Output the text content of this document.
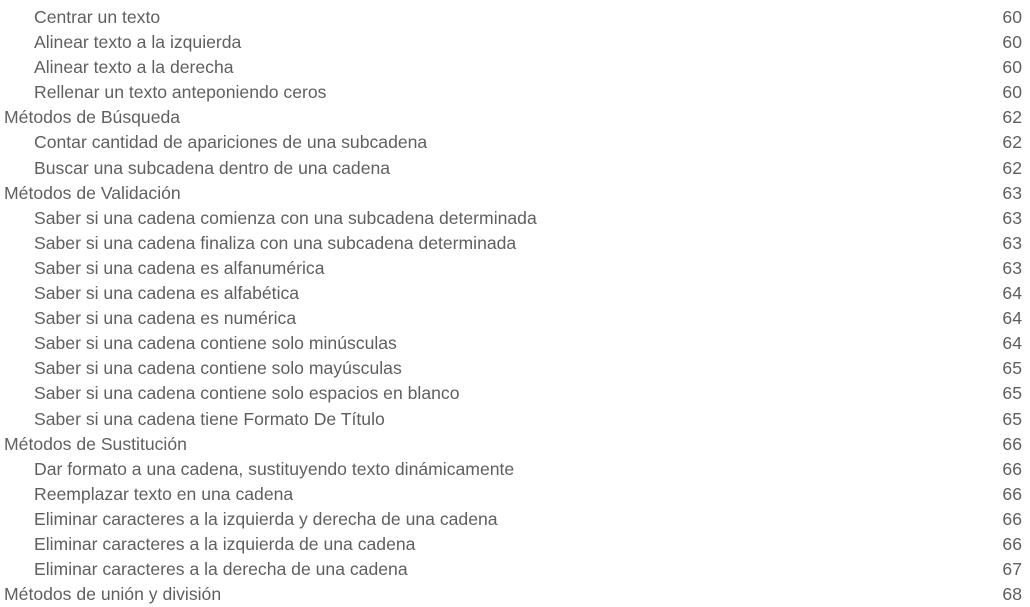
Centrar un texto	60
Alinear texto a la izquierda	60
Alinear texto a la derecha	60
Rellenar un texto anteponiendo ceros	60
Métodos de Búsqueda	62
Contar cantidad de apariciones de una subcadena	62
Buscar una subcadena dentro de una cadena	62
Métodos de Validación	63
Saber si una cadena comienza con una subcadena determinada	63
Saber si una cadena finaliza con una subcadena determinada	63
Saber si una cadena es alfanumérica	63
Saber si una cadena es alfabética	64
Saber si una cadena es numérica	64
Saber si una cadena contiene solo minúsculas	64
Saber si una cadena contiene solo mayúsculas	65
Saber si una cadena contiene solo espacios en blanco	65
Saber si una cadena tiene Formato De Título	65
Métodos de Sustitución	66
Dar formato a una cadena, sustituyendo texto dinámicamente	66
Reemplazar texto en una cadena	66
Eliminar caracteres a la izquierda y derecha de una cadena	66
Eliminar caracteres a la izquierda de una cadena	66
Eliminar caracteres a la derecha de una cadena	67
Métodos de unión y división	68
